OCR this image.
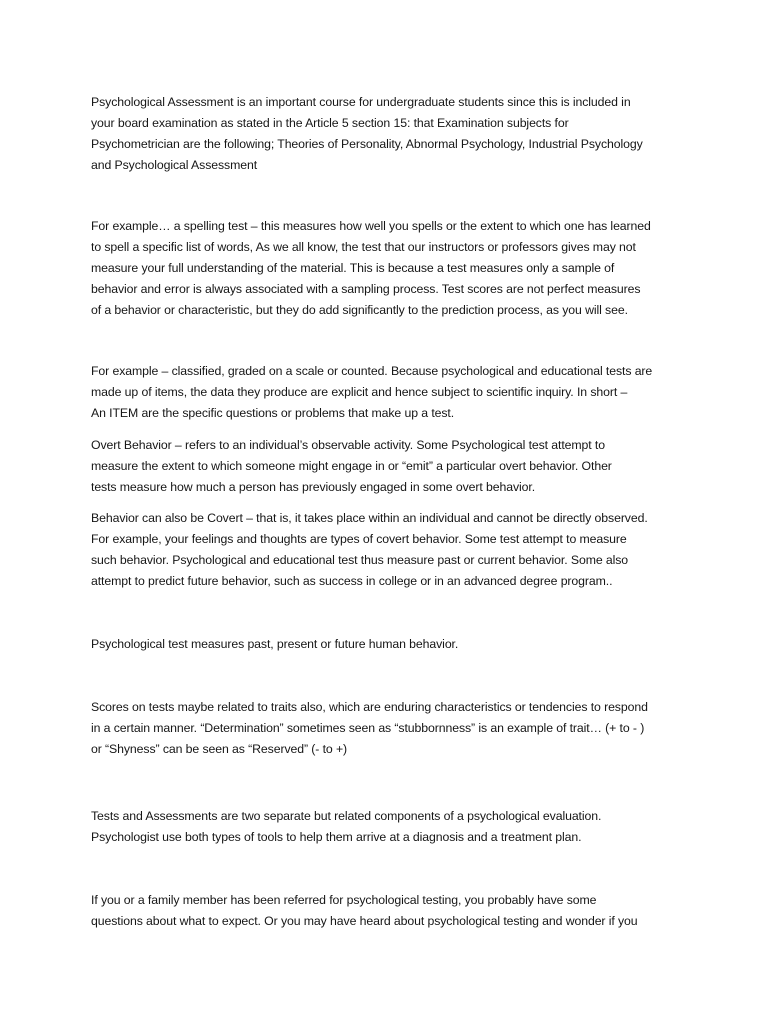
Psychological Assessment is an important course for undergraduate students since this is included in
your board examination as stated in the Article 5 section 15: that Examination subjects for
Psychometrician are the following; Theories of Personality, Abnormal Psychology, Industrial Psychology
and Psychological Assessment

For example… a spelling test – this measures how well you spells or the extent to which one has learned
to spell a specific list of words, As we all know, the test that our instructors or professors gives may not
measure your full understanding of the material. This is because a test measures only a sample of
behavior and error is always associated with a sampling process. Test scores are not perfect measures
of a behavior or characteristic, but they do add significantly to the prediction process, as you will see.

For example – classified, graded on a scale or counted. Because psychological and educational tests are
made up of items, the data they produce are explicit and hence subject to scientific inquiry. In short –
An ITEM are the specific questions or problems that make up a test.

Overt Behavior – refers to an individual’s observable activity. Some Psychological test attempt to
measure the extent to which someone might engage in or “emit” a particular overt behavior. Other
tests measure how much a person has previously engaged in some overt behavior.

Behavior can also be Covert – that is, it takes place within an individual and cannot be directly observed.
For example, your feelings and thoughts are types of covert behavior. Some test attempt to measure
such behavior. Psychological and educational test thus measure past or current behavior. Some also
attempt to predict future behavior, such as success in college or in an advanced degree program..

Psychological test measures past, present or future human behavior.

Scores on tests maybe related to traits also, which are enduring characteristics or tendencies to respond
in a certain manner. “Determination” sometimes seen as “stubbornness” is an example of trait… (+ to - )
or “Shyness” can be seen as “Reserved” (- to +)

Tests and Assessments are two separate but related components of a psychological evaluation.
Psychologist use both types of tools to help them arrive at a diagnosis and a treatment plan.

If you or a family member has been referred for psychological testing, you probably have some
questions about what to expect. Or you may have heard about psychological testing and wonder if you
